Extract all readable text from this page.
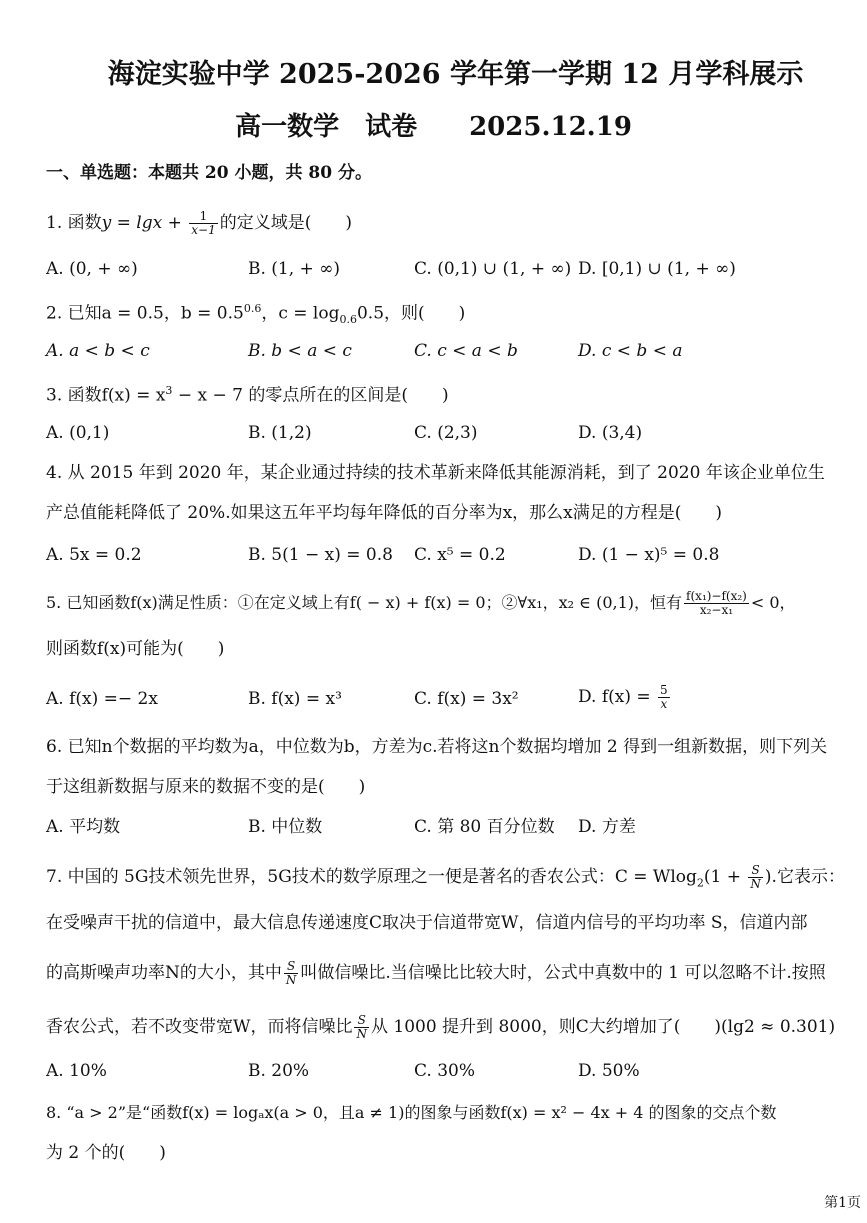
海淀实验中学 2025-2026 学年第一学期 12 月学科展示
高一数学　试卷　　2025.12.19
一、单选题：本题共 20 小题，共 80 分。
1. 函数$y = \lg x + \frac{1}{x-1}$ 的定义域是(　　)
A. (0, + ∞)	B. (1, + ∞)	C. (0,1) ∪ (1, + ∞) D. [0,1) ∪ (1, + ∞)
2. 已知a = 0.5，$b = 0.5^{0.6}$，$c = \log_{0.6}0.5$，则(　　)
A. a < b < c	B. b < a < c	C. c < a < b	D. c < b < a
3. 函数$f(x) = x^3 - x - 7$ 的零点所在的区间是(　　)
A. (0,1)	B. (1,2)	C. (2,3)	D. (3,4)
4. 从 2015 年到 2020 年，某企业通过持续的技术革新来降低其能源消耗，到了 2020 年该企业单位生
产总值能耗降低了 20%.如果这五年平均每年降低的百分率为x，那么x满足的方程是(　　)
A. 5x = 0.2	B. 5(1 − x) = 0.8 C. x⁵ = 0.2	D. (1 − x)⁵ = 0.8
5. 已知函数f(x)满足性质：①在定义域上有f( − x) + f(x) = 0；②∀x₁，x₂ ∈ (0,1)，恒有 $\frac{\text{f(x₁)−f(x₂)}}{\text{x₂−x₁}} < 0$，
则函数f(x)可能为(　　)
A. f(x) =− 2x	B. f(x) = x³	C. f(x) = 3x²	D. $f(x) = \frac{5}{x}$
6. 已知n个数据的平均数为a，中位数为b，方差为c.若将这n个数据均增加 2 得到一组新数据，则下列关
于这组新数据与原来的数据不变的是(　　)
A. 平均数	B. 中位数	C. 第 80 百分位数 D. 方差
7. 中国的 5G技术领先世界，5G技术的数学原理之一便是著名的香农公式：$C = Wlog_2(1 + \frac{S}{N}$ ).它表示：
在受噪声干扰的信道中，最大信息传递速度C取决于信道带宽W，信道内信号的平均功率 S，信道内部
的高斯噪声功率N的大小，其中 $\frac{S}{N}$ 叫做信噪比.当信噪比比较大时，公式中真数中的 1 可以忽略不计.按照
香农公式，若不改变带宽W，而将信噪比 $\frac{S}{N}$ 从 1000 提升到 8000，则C大约增加了(　　)(lg2 ≈ 0.301)
A. 10%	B. 20%	C. 30%	D. 50%
8. “a > 2”是“函数f(x) = logₐx(a > 0，且a ≠ 1)的图象与函数f(x) = x² − 4x + 4 的图象的交点个数
为 2 个的(　　)
第1页
